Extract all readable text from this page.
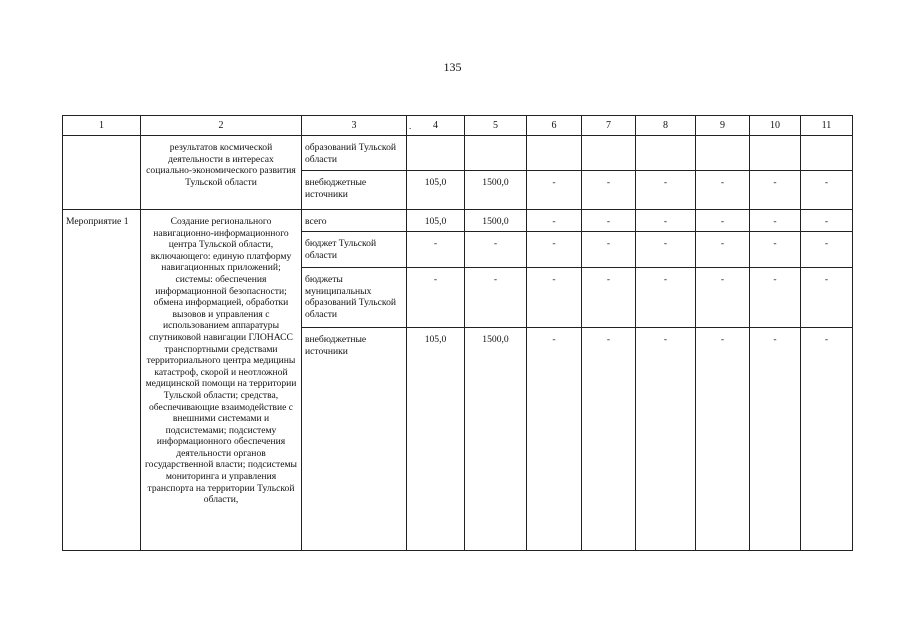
135
1	2	3	. 4	5	6	7	8	9	10	11
	результатов космической деятельности в интересах социально-экономического развития Тульской области	образований Тульской области								
		внебюджетные источники	105,0	1500,0	-	-	-	-	-	-
Мероприятие 1	Создание регионального навигационно-информационного центра Тульской области, включающего: единую платформу навигационных приложений; системы: обеспечения информационной безопасности; обмена информацией, обработки вызовов и управления с использованием аппаратуры спутниковой навигации ГЛОНАСС транспортными средствами территориального центра медицины катастроф, скорой и неотложной медицинской помощи на территории Тульской области; средства, обеспечивающие взаимодействие с внешними системами и подсистемами; подсистему информационного обеспечения деятельности органов государственной власти; подсистемы мониторинга и управления транспорта на территории Тульской области,	всего	105,0	1500,0	-	-	-	-	-	-
		бюджет Тульской области	-	-	-	-	-	-	-	-
		бюджеты муниципальных образований Тульской области	-	-	-	-	-	-	-	-
		внебюджетные источники	105,0	1500,0	-	-	-	-	-	-
